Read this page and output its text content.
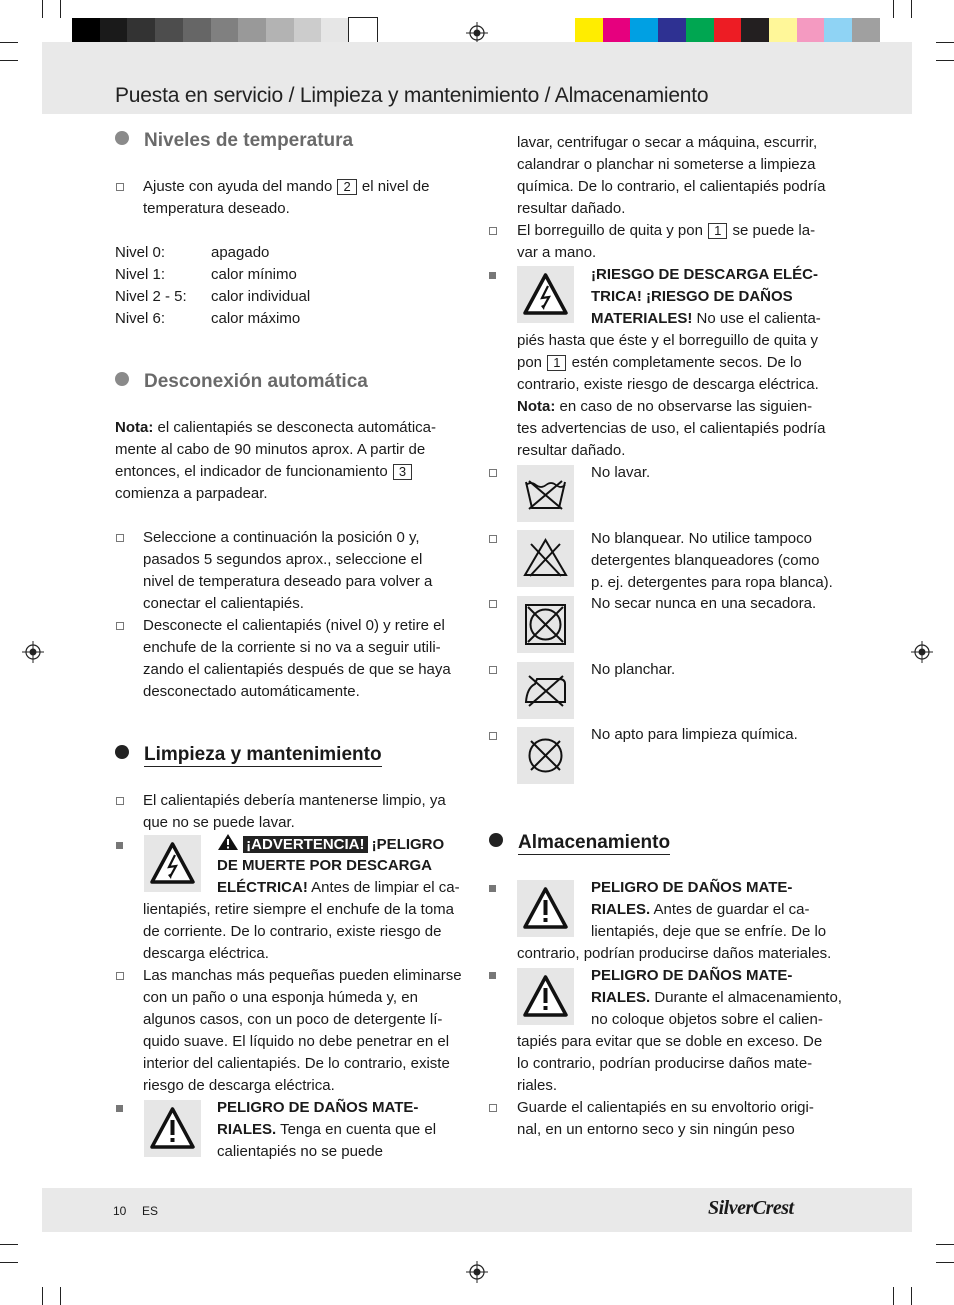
Puesta en servicio / Limpieza y mantenimiento / Almacenamiento
Niveles de temperatura
Ajuste con ayuda del mando 2 el nivel de
temperatura deseado.
Nivel 0:	apagado
Nivel 1:	calor mínimo
Nivel 2 - 5: calor individual
Nivel 6:	calor máximo
Desconexión automática
Nota: el calientapiés se desconecta automática-
mente al cabo de 90 minutos aprox. A partir de
entonces, el indicador de funcionamiento 3
comienza a parpadear.
Seleccione a continuación la posición 0 y,
pasados 5 segundos aprox., seleccione el
nivel de temperatura deseado para volver a
conectar el calientapiés.
Desconecte el calientapiés (nivel 0) y retire el
enchufe de la corriente si no va a seguir utili-
zando el calientapiés después de que se haya
desconectado automáticamente.
Limpieza y mantenimiento
El calientapiés debería mantenerse limpio, ya
que no se puede lavar.
¡ADVERTENCIA! ¡PELIGRO
DE MUERTE POR DESCARGA
ELÉCTRICA! Antes de limpiar el ca-
lientapiés, retire siempre el enchufe de la toma
de corriente. De lo contrario, existe riesgo de
descarga eléctrica.
Las manchas más pequeñas pueden eliminarse
con un paño o una esponja húmeda y, en
algunos casos, con un poco de detergente lí-
quido suave. El líquido no debe penetrar en el
interior del calientapiés. De lo contrario, existe
riesgo de descarga eléctrica.
PELIGRO DE DAÑOS MATE-
RIALES. Tenga en cuenta que el
calientapiés no se puede
lavar, centrifugar o secar a máquina, escurrir,
calandrar o planchar ni someterse a limpieza
química. De lo contrario, el calientapiés podría
resultar dañado.
El borreguillo de quita y pon 1 se puede la-
var a mano.
¡RIESGO DE DESCARGA ELÉC-
TRICA! ¡RIESGO DE DAÑOS
MATERIALES! No use el calienta-
piés hasta que éste y el borreguillo de quita y
pon 1 estén completamente secos. De lo
contrario, existe riesgo de descarga eléctrica.
Nota: en caso de no observarse las siguien-
tes advertencias de uso, el calientapiés podría
resultar dañado.
No lavar.
No blanquear. No utilice tampoco
detergentes blanqueadores (como
p. ej. detergentes para ropa blanca).
No secar nunca en una secadora.
No planchar.
No apto para limpieza química.
Almacenamiento
PELIGRO DE DAÑOS MATE-
RIALES. Antes de guardar el ca-
lientapiés, deje que se enfríe. De lo
contrario, podrían producirse daños materiales.
PELIGRO DE DAÑOS MATE-
RIALES. Durante el almacenamiento,
no coloque objetos sobre el calien-
tapiés para evitar que se doble en exceso. De
lo contrario, podrían producirse daños mate-
riales.
Guarde el calientapiés en su envoltorio origi-
nal, en un entorno seco y sin ningún peso
10 ES	SilverCrest
